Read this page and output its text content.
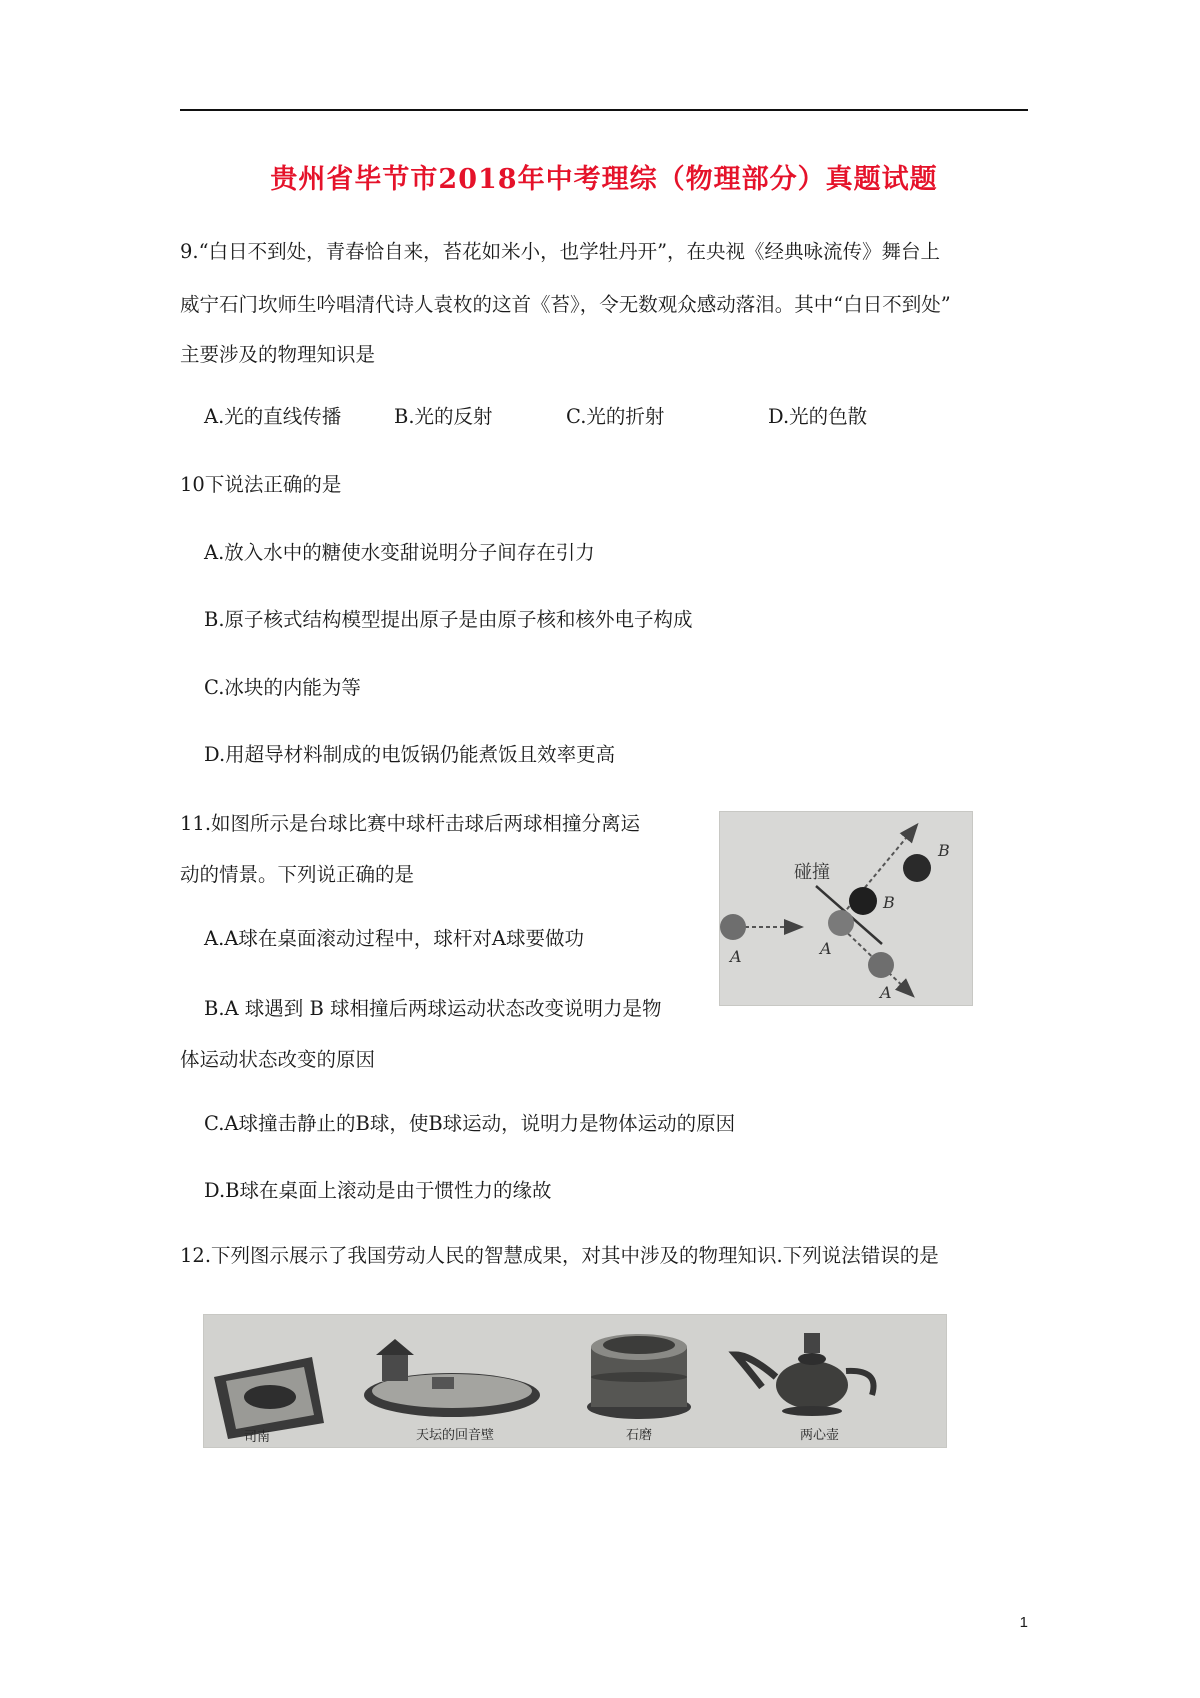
贵州省毕节市2018年中考理综（物理部分）真题试题
9.“白日不到处，青春恰自来，苔花如米小，也学牡丹开”，在央视《经典咏流传》舞台上
威宁石门坎师生吟唱清代诗人袁枚的这首《苔》，令无数观众感动落泪。其中“白日不到处”
主要涉及的物理知识是
A.光的直线传播	B.光的反射	C.光的折射	D.光的色散
10下说法正确的是
A.放入水中的糖使水变甜说明分子间存在引力
B.原子核式结构模型提出原子是由原子核和核外电子构成
C.冰块的内能为等
D.用超导材料制成的电饭锅仍能煮饭且效率更高
11.如图所示是台球比赛中球杆击球后两球相撞分离运
动的情景。下列说正确的是
A.A球在桌面滚动过程中，球杆对A球要做功
B.A 球遇到 B 球相撞后两球运动状态改变说明力是物
体运动状态改变的原因
C.A球撞击静止的B球，使B球运动，说明力是物体运动的原因
D.B球在桌面上滚动是由于惯性力的缘故
碰撞
B
B
A	A
A
12.下列图示展示了我国劳动人民的智慧成果，对其中涉及的物理知识.下列说法错误的是
司南	天坛的回音壁	石磨	两心壶
1
